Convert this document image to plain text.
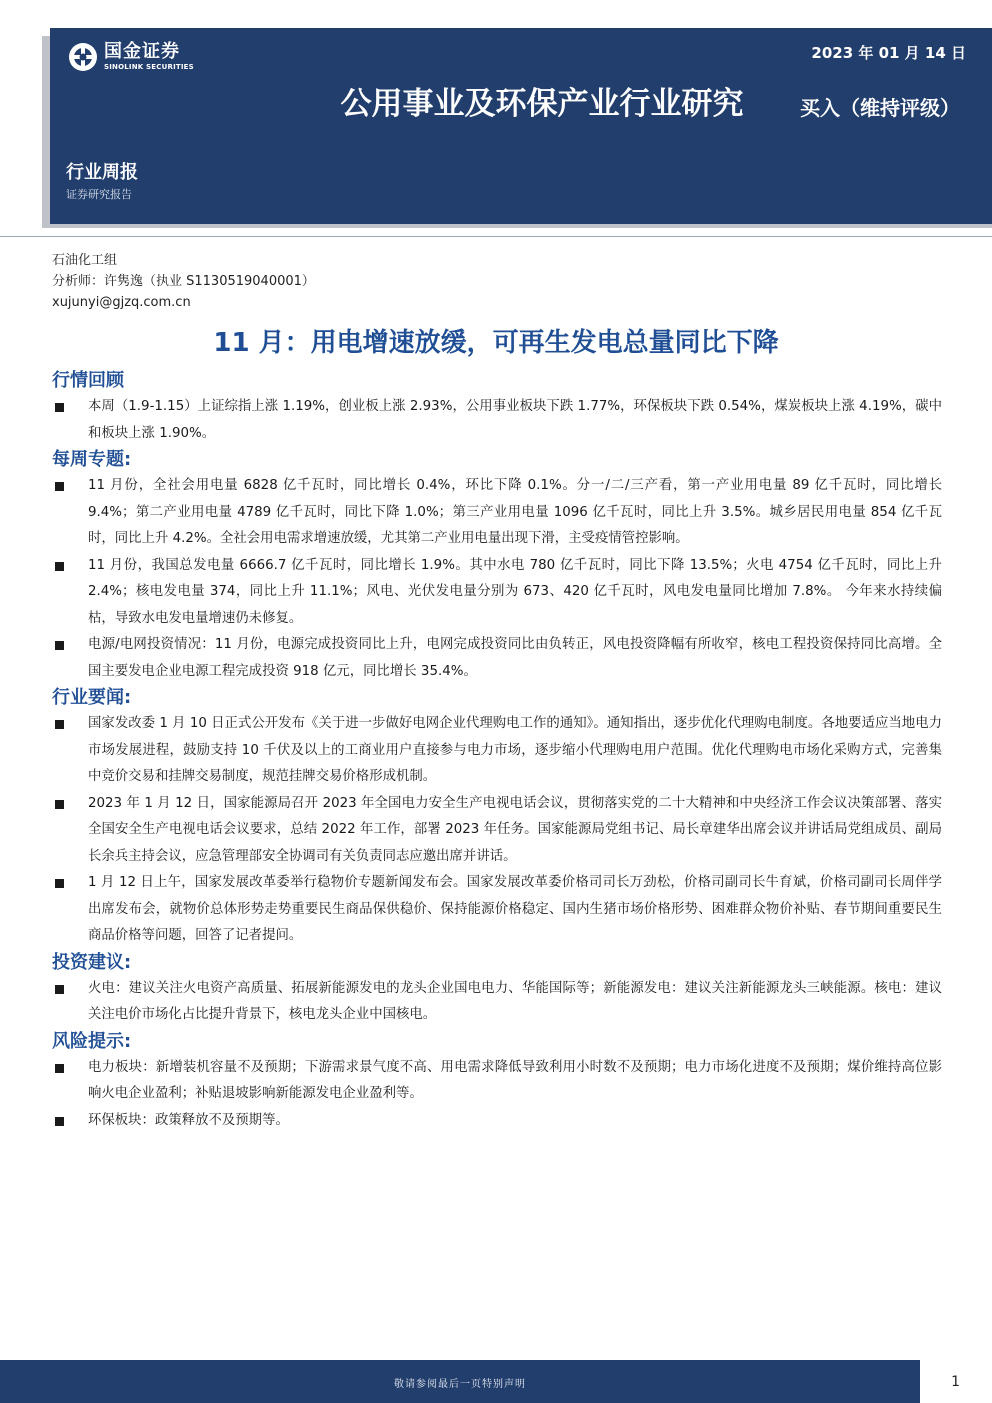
国金证券
SINOLINK SECURITIES
2023 年 01 月 14 日
公用事业及环保产业行业研究	买入（维持评级）
行业周报
证券研究报告
石油化工组
分析师：许隽逸（执业 S1130519040001）
xujunyi@gjzq.com.cn
11 月：用电增速放缓，可再生发电总量同比下降
行情回顾
本周（1.9-1.15）上证综指上涨 1.19%，创业板上涨 2.93%，公用事业板块下跌 1.77%，环保板块下跌 0.54%，煤炭板块上涨 4.19%，碳中和板块上涨 1.90%。
每周专题:
11 月份，全社会用电量 6828 亿千瓦时，同比增长 0.4%，环比下降 0.1%。分一/二/三产看，第一产业用电量 89 亿千瓦时，同比增长 9.4%；第二产业用电量 4789 亿千瓦时，同比下降 1.0%；第三产业用电量 1096 亿千瓦时，同比上升 3.5%。城乡居民用电量 854 亿千瓦时，同比上升 4.2%。全社会用电需求增速放缓，尤其第二产业用电量出现下滑，主受疫情管控影响。
11 月份，我国总发电量 6666.7 亿千瓦时，同比增长 1.9%。其中水电 780 亿千瓦时，同比下降 13.5%；火电 4754 亿千瓦时，同比上升 2.4%；核电发电量 374，同比上升 11.1%；风电、光伏发电量分别为 673、420 亿千瓦时，风电发电量同比增加 7.8%。 今年来水持续偏枯，导致水电发电量增速仍未修复。
电源/电网投资情况：11 月份，电源完成投资同比上升，电网完成投资同比由负转正，风电投资降幅有所收窄，核电工程投资保持同比高增。全国主要发电企业电源工程完成投资 918 亿元，同比增长 35.4%。
行业要闻:
国家发改委 1 月 10 日正式公开发布《关于进一步做好电网企业代理购电工作的通知》。通知指出，逐步优化代理购电制度。各地要适应当地电力市场发展进程，鼓励支持 10 千伏及以上的工商业用户直接参与电力市场，逐步缩小代理购电用户范围。优化代理购电市场化采购方式，完善集中竞价交易和挂牌交易制度，规范挂牌交易价格形成机制。
2023 年 1 月 12 日，国家能源局召开 2023 年全国电力安全生产电视电话会议，贯彻落实党的二十大精神和中央经济工作会议决策部署、落实全国安全生产电视电话会议要求，总结 2022 年工作，部署 2023 年任务。国家能源局党组书记、局长章建华出席会议并讲话局党组成员、副局长余兵主持会议，应急管理部安全协调司有关负责同志应邀出席并讲话。
1 月 12 日上午，国家发展改革委举行稳物价专题新闻发布会。国家发展改革委价格司司长万劲松，价格司副司长牛育斌，价格司副司长周伴学出席发布会，就物价总体形势走势重要民生商品保供稳价、保持能源价格稳定、国内生猪市场价格形势、困难群众物价补贴、春节期间重要民生商品价格等问题，回答了记者提问。
投资建议:
火电：建议关注火电资产高质量、拓展新能源发电的龙头企业国电电力、华能国际等；新能源发电：建议关注新能源龙头三峡能源。核电：建议关注电价市场化占比提升背景下，核电龙头企业中国核电。
风险提示:
电力板块：新增装机容量不及预期；下游需求景气度不高、用电需求降低导致利用小时数不及预期；电力市场化进度不及预期；煤价维持高位影响火电企业盈利；补贴退坡影响新能源发电企业盈利等。
环保板块：政策释放不及预期等。
敬请参阅最后一页特别声明	1
